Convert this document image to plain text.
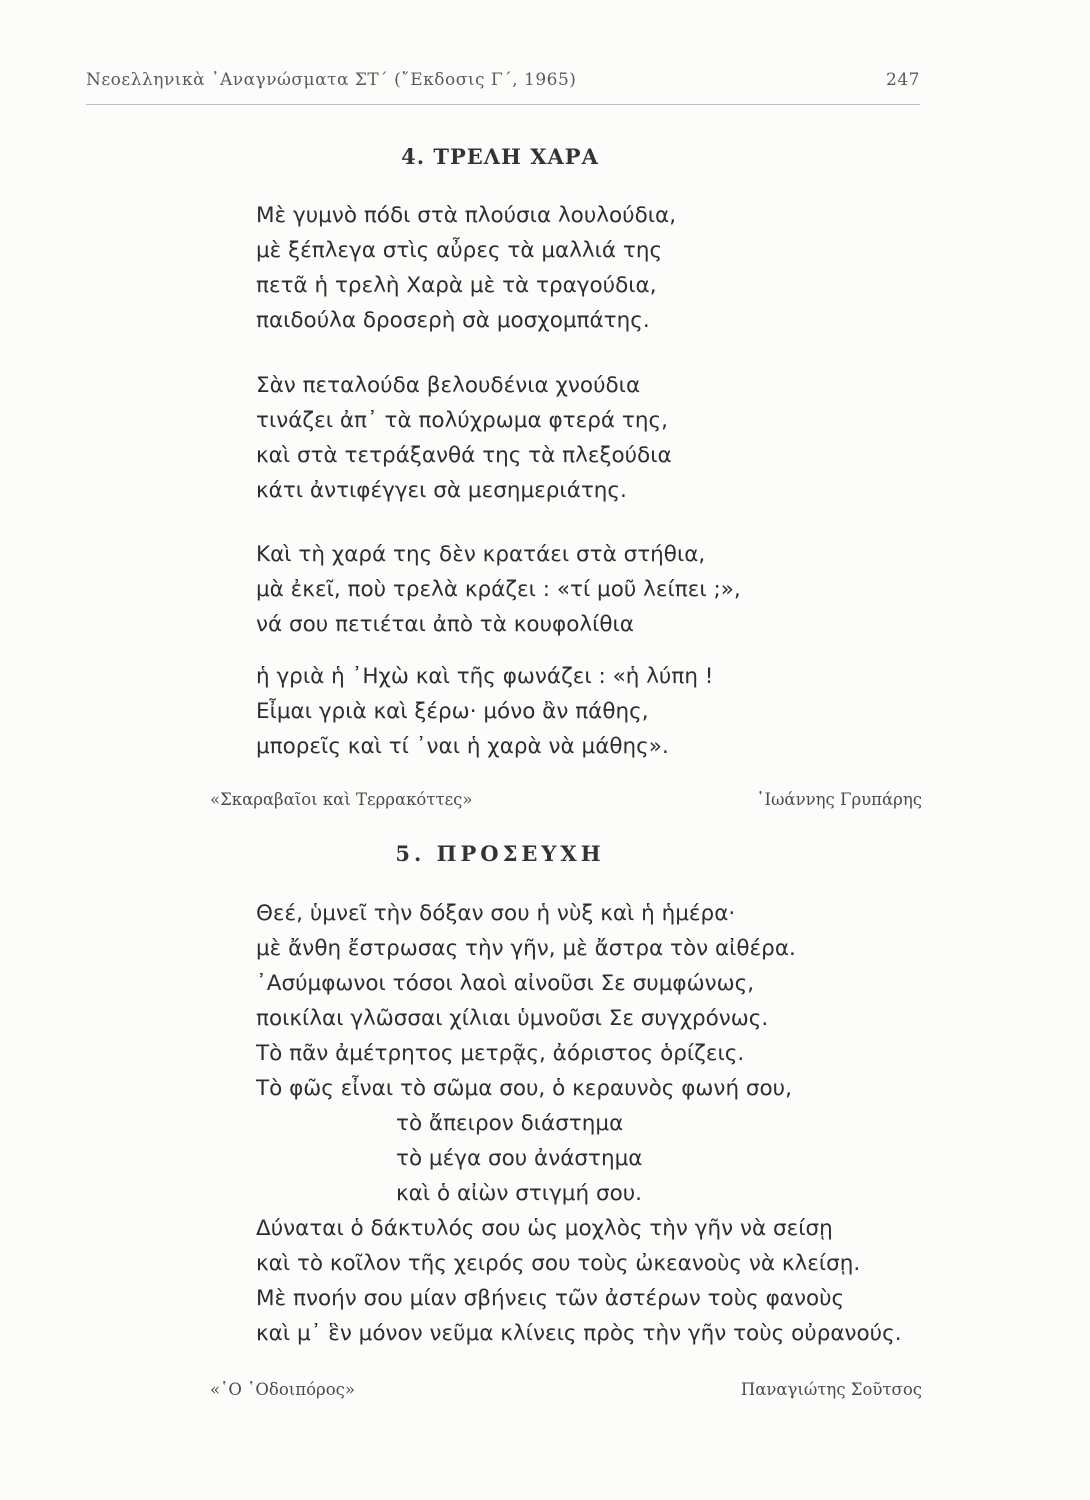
Νεοελληνικὰ ᾿Αναγνώσματα ΣΤ΄ (῎Εκδοσις Γ΄, 1965)	247
4. ΤΡΕΛΗ ΧΑΡΑ
Μὲ γυμνὸ πόδι στὰ πλούσια λουλούδια,
μὲ ξέπλεγα στὶς αὖρες τὰ μαλλιά της
πετᾶ ἡ τρελὴ Χαρὰ μὲ τὰ τραγούδια,
παιδούλα δροσερὴ σὰ μοσχομπάτης.
Σὰν πεταλούδα βελουδένια χνούδια
τινάζει ἀπ᾿ τὰ πολύχρωμα φτερά της,
καὶ στὰ τετράξανθά της τὰ πλεξούδια
κάτι ἀντιφέγγει σὰ μεσημεριάτης.
Καὶ τὴ χαρά της δὲν κρατάει στὰ στήθια,
μὰ ἐκεῖ, ποὺ τρελὰ κράζει : «τί μοῦ λείπει ;»,
νά σου πετιέται ἀπὸ τὰ κουφολίθια
ἡ γριὰ ἡ ᾿Ηχὼ καὶ τῆς φωνάζει : «ἡ λύπη !
Εἶμαι γριὰ καὶ ξέρω· μόνο ἂν πάθης,
μπορεῖς καὶ τί ᾿ναι ἡ χαρὰ νὰ μάθης».
«Σκαραβαῖοι καὶ Τερρακόττες»	᾿Ιωάννης Γρυπάρης
5. ΠΡΟΣΕΥΧΗ
Θεέ, ὑμνεῖ τὴν δόξαν σου ἡ νὺξ καὶ ἡ ἡμέρα·
μὲ ἄνθη ἔστρωσας τὴν γῆν, μὲ ἄστρα τὸν αἰθέρα.
᾿Ασύμφωνοι τόσοι λαοὶ αἰνοῦσι Σε συμφώνως,
ποικίλαι γλῶσσαι χίλιαι ὑμνοῦσι Σε συγχρόνως.
Τὸ πᾶν ἀμέτρητος μετρᾷς, ἀόριστος ὁρίζεις.
Τὸ φῶς εἶναι τὸ σῶμα σου, ὁ κεραυνὸς φωνή σου,
τὸ ἄπειρον διάστημα
τὸ μέγα σου ἀνάστημα
καὶ ὁ αἰὼν στιγμή σου.
Δύναται ὁ δάκτυλός σου ὡς μοχλὸς τὴν γῆν νὰ σείσῃ
καὶ τὸ κοῖλον τῆς χειρός σου τοὺς ὠκεανοὺς νὰ κλείσῃ.
Μὲ πνοήν σου μίαν σβήνεις τῶν ἀστέρων τοὺς φανοὺς
καὶ μ᾿ ἓν μόνον νεῦμα κλίνεις πρὸς τὴν γῆν τοὺς οὐρανούς.
«῾Ο ῾Οδοιπόρος»	Παναγιώτης Σοῦτσος
